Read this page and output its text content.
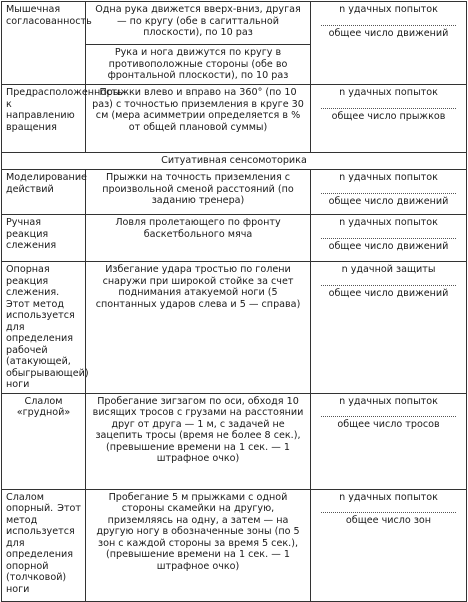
Мышечная согласованность	Одна рука движется вверх-вниз, другая — по кругу (обе в сагиттальной плоскости), по 10 раз	n удачных попыток
общее число движений

	Рука и нога движутся по кругу в противоположные стороны (обе во фронтальной плоскости), по 10 раз	
Предрасположенность к направлению вращения	Прыжки влево и вправо на 360° (по 10 раз) с точностью приземления в круге 30 см (мера асимметрии определяется в % от общей плановой суммы)	n удачных попыток
общее число прыжков

Ситуативная сенсомоторика		
Моделирование действий	Прыжки на точность приземления с произвольной сменой расстояний (по заданию тренера)	n удачных попыток
общее число движений

Ручная реакция слежения	Ловля пролетающего по фронту баскетбольного мяча	n удачных попыток
общее число движений

Опорная реакция слежения. Этот метод используется для определения рабочей (атакующей, обыгрывающей) ноги	Избегание удара тростью по голени снаружи при широкой стойке за счет поднимания атакуемой ноги (5 спонтанных ударов слева и 5 — справа)	n удачной защиты
общее число движений

Слалом «грудной»	Пробегание зигзагом по оси, обходя 10 висящих тросов с грузами на расстоянии друг от друга — 1 м, с задачей не зацепить тросы (время не более 8 сек.), (превышение времени на 1 сек. — 1 штрафное очко)	n удачных попыток
общее число тросов

Слалом опорный. Этот метод используется для определения опорной (толчковой) ноги	Пробегание 5 м прыжками с одной стороны скамейки на другую, приземляясь на одну, а затем — на другую ногу в обозначенные зоны (по 5 зон с каждой стороны за время 5 сек.), (превышение времени на 1 сек. — 1 штрафное очко)	n удачных попыток
общее число зон
